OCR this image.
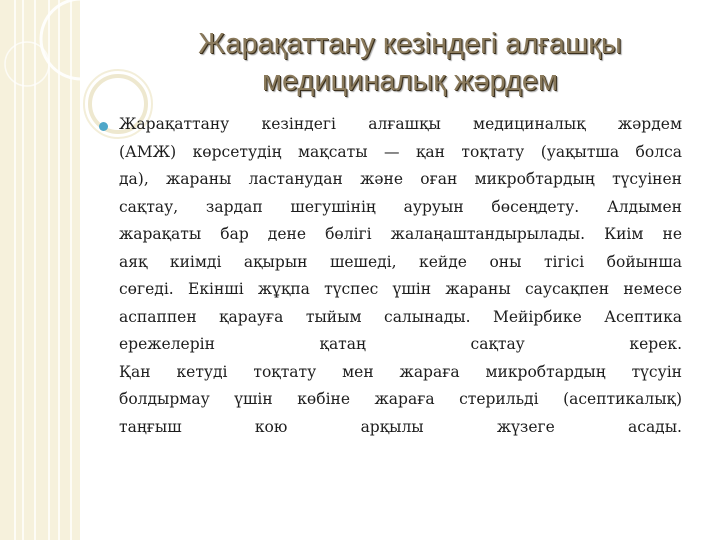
Жарақаттану кезіндегі алғашқы
медициналық жәрдем
Жарақаттану кезіндегі алғашқы медициналық жәрдем
(АМЖ) көрсетудің мақсаты — қан тоқтату (уақытша болса
да), жараны ластанудан және оған микробтардың түсуінен
сақтау, зардап шегушінің ауруын бөсеңдету. Алдымен
жарақаты бар дене бөлігі жалаңаштандырылады. Киім не
аяқ киімді ақырын шешеді, кейде оны тігісі бойынша
сөгеді. Екінші жұқпа түспес үшін жараны саусақпен немесе
аспаппен қарауға тыйым салынады. Мейірбике Асептика
ережелерін қатаң сақтау керек.
Қан кетуді тоқтату мен жараға микробтардың түсуін
болдырмау үшін көбіне жараға стерильді (асептикалық)
таңғыш кою арқылы жүзеге асады.
